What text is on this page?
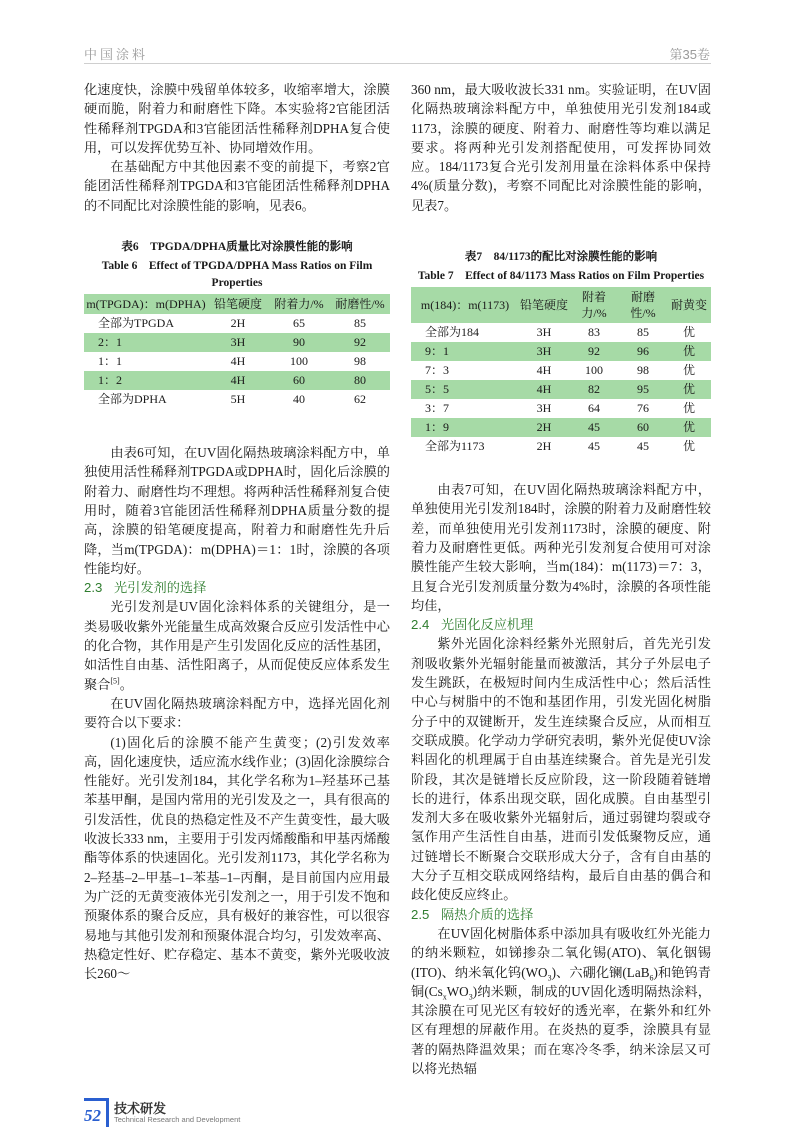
中国涂料	第35卷

化速度快，涂膜中残留单体较多，收缩率增大，涂膜硬而脆，附着力和耐磨性下降。本实验将2官能团活性稀释剂TPGDA和3官能团活性稀释剂DPHA复合使用，可以发挥优势互补、协同增效作用。

在基础配方中其他因素不变的前提下，考察2官能团活性稀释剂TPGDA和3官能团活性稀释剂DPHA的不同配比对涂膜性能的影响，见表6。

表6　TPGDA/DPHA质量比对涂膜性能的影响
Table 6　Effect of TPGDA/DPHA Mass Ratios on Film Properties
m(TPGDA)：m(DPHA)	铅笔硬度	附着力/%	耐磨性/%
全部为TPGDA	2H	65	85
2：1	3H	90	92
1：1	4H	100	98
1：2	4H	60	80
全部为DPHA	5H	40	62

由表6可知，在UV固化隔热玻璃涂料配方中，单独使用活性稀释剂TPGDA或DPHA时，固化后涂膜的附着力、耐磨性均不理想。将两种活性稀释剂复合使用时，随着3官能团活性稀释剂DPHA质量分数的提高，涂膜的铅笔硬度提高，附着力和耐磨性先升后降，当m(TPGDA)：m(DPHA)＝1：1时，涂膜的各项性能均好。

2.3 光引发剂的选择

光引发剂是UV固化涂料体系的关键组分，是一类易吸收紫外光能量生成高效聚合反应引发活性中心的化合物，其作用是产生引发固化反应的活性基团，如活性自由基、活性阳离子，从而促使反应体系发生聚合[5]。

在UV固化隔热玻璃涂料配方中，选择光固化剂要符合以下要求：

(1)固化后的涂膜不能产生黄变；(2)引发效率高，固化速度快，适应流水线作业；(3)固化涂膜综合性能好。光引发剂184，其化学名称为1–羟基环己基苯基甲酮，是国内常用的光引发及之一，具有很高的引发活性，优良的热稳定性及不产生黄变性，最大吸收波长333 nm，主要用于引发丙烯酸酯和甲基丙烯酸酯等体系的快速固化。光引发剂1173，其化学名称为2–羟基–2–甲基–1–苯基–1–丙酮，是目前国内应用最为广泛的无黄变液体光引发剂之一，用于引发不饱和预聚体系的聚合反应，具有极好的兼容性，可以很容易地与其他引发剂和预聚体混合均匀，引发效率高、热稳定性好、贮存稳定、基本不黄变，紫外光吸收波长260～

360 nm，最大吸收波长331 nm。实验证明，在UV固化隔热玻璃涂料配方中，单独使用光引发剂184或1173，涂膜的硬度、附着力、耐磨性等均难以满足要求。将两种光引发剂搭配使用，可发挥协同效应。184/1173复合光引发剂用量在涂料体系中保持4%(质量分数)，考察不同配比对涂膜性能的影响，见表7。

表7　84/1173的配比对涂膜性能的影响
Table 7　Effect of 84/1173 Mass Ratios on Film Properties
m(184)：m(1173)	铅笔硬度	附着力/%	耐磨性/%	耐黄变
全部为184	3H	83	85	优
9：1	3H	92	96	优
7：3	4H	100	98	优
5：5	4H	82	95	优
3：7	3H	64	76	优
1：9	2H	45	60	优
全部为1173	2H	45	45	优

由表7可知，在UV固化隔热玻璃涂料配方中，单独使用光引发剂184时，涂膜的附着力及耐磨性较差，而单独使用光引发剂1173时，涂膜的硬度、附着力及耐磨性更低。两种光引发剂复合使用可对涂膜性能产生较大影响，当m(184)：m(1173)＝7：3，且复合光引发剂质量分数为4%时，涂膜的各项性能均佳，

2.4 光固化反应机理

紫外光固化涂料经紫外光照射后，首先光引发剂吸收紫外光辐射能量而被激活，其分子外层电子发生跳跃，在极短时间内生成活性中心；然后活性中心与树脂中的不饱和基团作用，引发光固化树脂分子中的双键断开，发生连续聚合反应，从而相互交联成膜。化学动力学研究表明，紫外光促使UV涂料固化的机理属于自由基连续聚合。首先是光引发阶段，其次是链增长反应阶段，这一阶段随着链增长的进行，体系出现交联，固化成膜。自由基型引发剂大多在吸收紫外光辐射后，通过弱键均裂或夺氢作用产生活性自由基，进而引发低聚物反应，通过链增长不断聚合交联形成大分子，含有自由基的大分子互相交联成网络结构，最后自由基的偶合和歧化使反应终止。

2.5 隔热介质的选择

在UV固化树脂体系中添加具有吸收红外光能力的纳米颗粒，如锑掺杂二氧化锡(ATO)、氧化铟锡(ITO)、纳米氧化钨$(WO_3)$、六硼化镧(LaB$_6$)和铯钨青铜$(Cs_xWO_3)$纳米颗，制成的UV固化透明隔热涂料，其涂膜在可见光区有较好的透光率，在紫外和红外区有理想的屏蔽作用。在炎热的夏季，涂膜具有显著的隔热降温效果；而在寒冷冬季，纳米涂层又可以将光热辐

52	技术研发
Technical Research and Development
